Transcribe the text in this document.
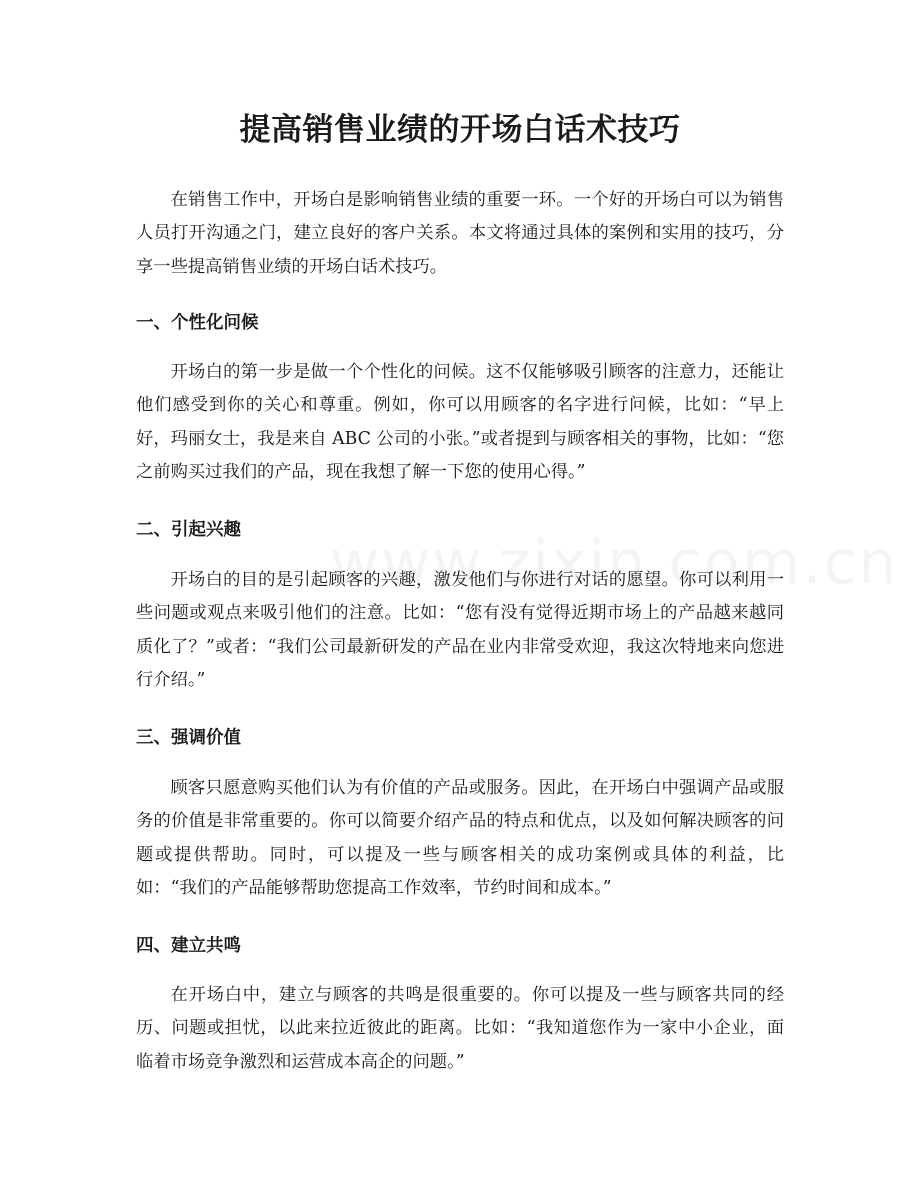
提高销售业绩的开场白话术技巧

在销售工作中，开场白是影响销售业绩的重要一环。一个好的开场白可以为销售人员打开沟通之门，建立良好的客户关系。本文将通过具体的案例和实用的技巧，分享一些提高销售业绩的开场白话术技巧。

一、个性化问候

开场白的第一步是做一个个性化的问候。这不仅能够吸引顾客的注意力，还能让他们感受到你的关心和尊重。例如，你可以用顾客的名字进行问候，比如：“早上好，玛丽女士，我是来自 ABC 公司的小张。”或者提到与顾客相关的事物，比如：“您之前购买过我们的产品，现在我想了解一下您的使用心得。”

二、引起兴趣

开场白的目的是引起顾客的兴趣，激发他们与你进行对话的愿望。你可以利用一些问题或观点来吸引他们的注意。比如：“您有没有觉得近期市场上的产品越来越同质化了？”或者：“我们公司最新研发的产品在业内非常受欢迎，我这次特地来向您进行介绍。”

三、强调价值

顾客只愿意购买他们认为有价值的产品或服务。因此，在开场白中强调产品或服务的价值是非常重要的。你可以简要介绍产品的特点和优点，以及如何解决顾客的问题或提供帮助。同时，可以提及一些与顾客相关的成功案例或具体的利益，比如：“我们的产品能够帮助您提高工作效率，节约时间和成本。”

四、建立共鸣

在开场白中，建立与顾客的共鸣是很重要的。你可以提及一些与顾客共同的经历、问题或担忧，以此来拉近彼此的距离。比如：“我知道您作为一家中小企业，面临着市场竞争激烈和运营成本高企的问题。”
